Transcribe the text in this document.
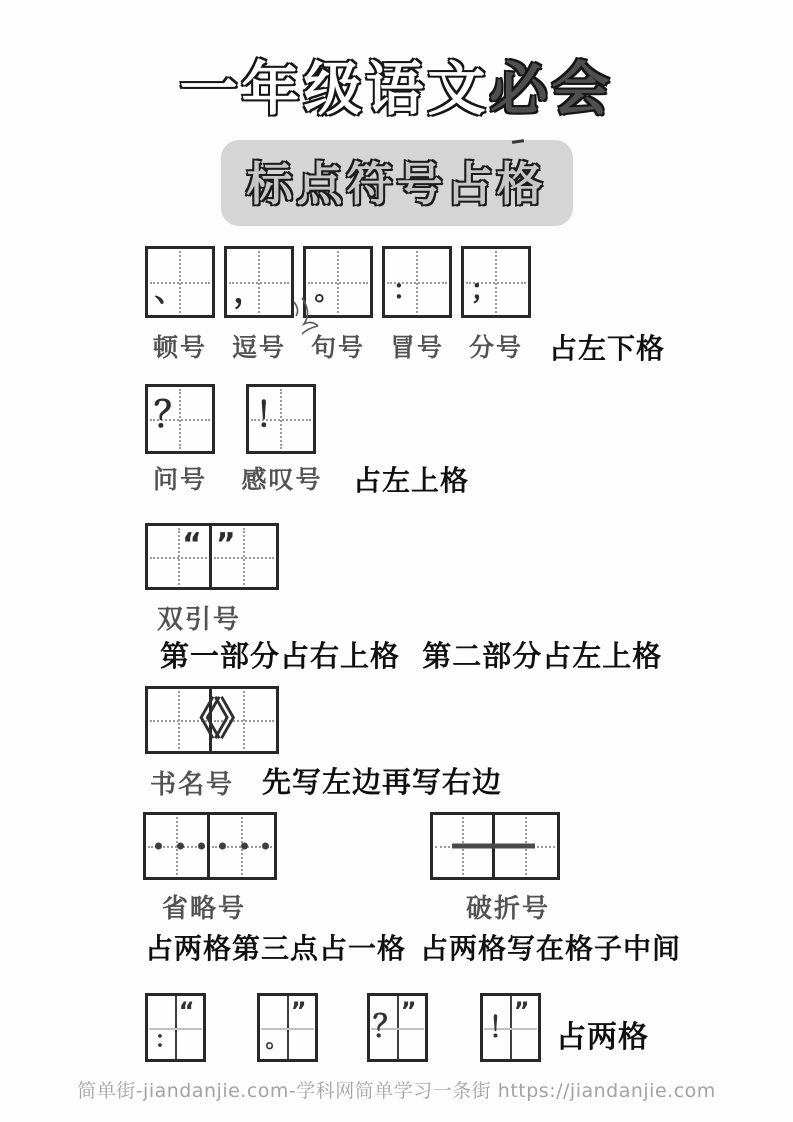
一年级语文必会
标点符号占格
、 ， 。 ： ；
顿号 逗号 句号 冒号 分号 占左下格
？ ！
问号	感叹号	占左上格
“ ”
双引号
第一部分占右上格  第二部分占左上格
《
》
书名号 先写左边再写右边
省略号	破折号
占两格第三点占一格 占两格写在格子中间
：
“
。
” ？
”	！
”
占两格
简单街-jiandanjie.com-学科网简单学习一条街 https://jiandanjie.com
